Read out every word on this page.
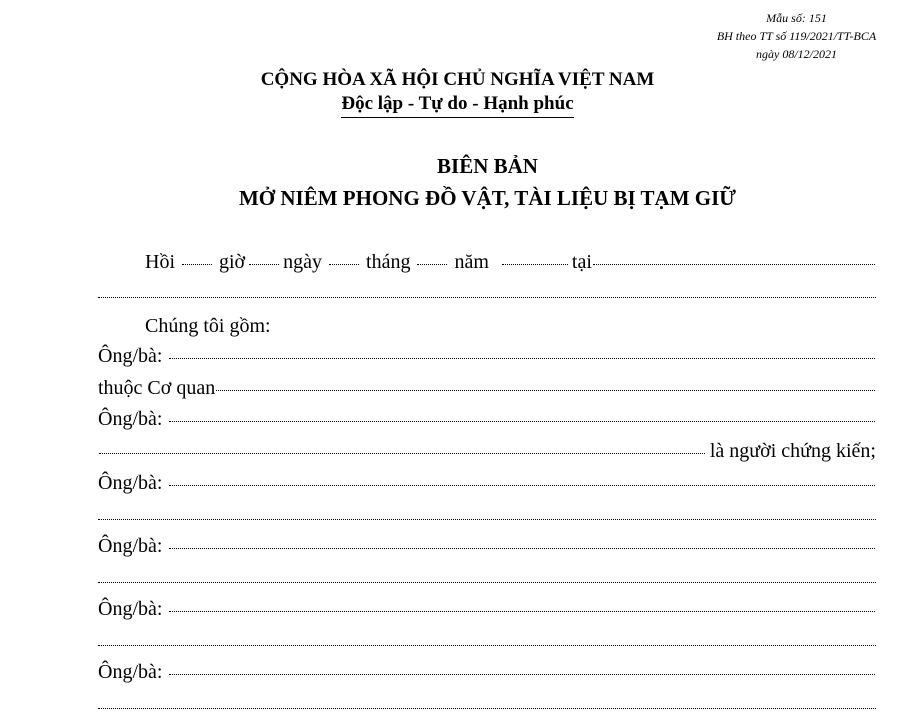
Mẫu số: 151
BH theo TT số 119/2021/TT-BCA
ngày 08/12/2021
CỘNG HÒA XÃ HỘI CHỦ NGHĨA VIỆT NAM
Độc lập - Tự do - Hạnh phúc
BIÊN BẢN
MỞ NIÊM PHONG ĐỒ VẬT, TÀI LIỆU BỊ TẠM GIỮ
Hồi giờ ngày tháng năm	tại
Chúng tôi gồm:
Ông/bà:
thuộc Cơ quan
Ông/bà:
là người chứng kiến;
Ông/bà:
Ông/bà:
Ông/bà:
Ông/bà:
